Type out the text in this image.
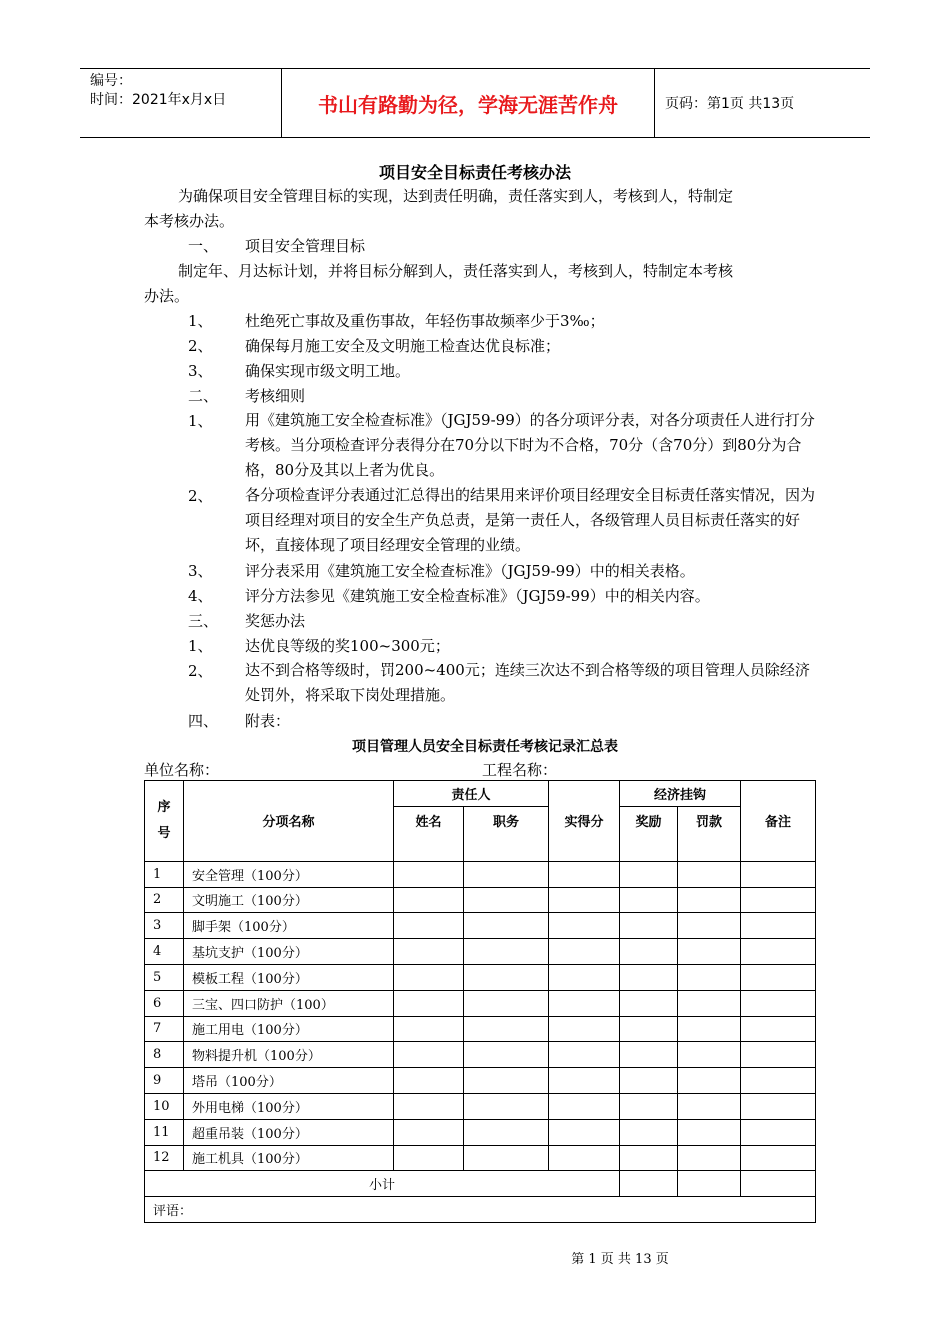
编号：
时间：2021年x月x日	书山有路勤为径，学海无涯苦作舟	页码：第1页 共13页
项目安全目标责任考核办法
为确保项目安全管理目标的实现，达到责任明确，责任落实到人，考核到人，特制定
本考核办法。
一、 项目安全管理目标
制定年、月达标计划，并将目标分解到人，责任落实到人，考核到人，特制定本考核
办法。
1、 杜绝死亡事故及重伤事故，年轻伤事故频率少于3‰；
2、 确保每月施工安全及文明施工检查达优良标准；
3、 确保实现市级文明工地。
二、 考核细则
1、 用《建筑施工安全检查标准》（JGJ59-99）的各分项评分表，对各分项责任人进行打分考核。当分项检查评分表得分在70分以下时为不合格，70分（含70分）到80分为合格，80分及其以上者为优良。
2、 各分项检查评分表通过汇总得出的结果用来评价项目经理安全目标责任落实情况，因为项目经理对项目的安全生产负总责，是第一责任人，各级管理人员目标责任落实的好坏，直接体现了项目经理安全管理的业绩。
3、 评分表采用《建筑施工安全检查标准》（JGJ59-99）中的相关表格。
4、 评分方法参见《建筑施工安全检查标准》（JGJ59-99）中的相关内容。
三、 奖惩办法
1、 达优良等级的奖100~300元；
2、 达不到合格等级时，罚200~400元；连续三次达不到合格等级的项目管理人员除经济处罚外，将采取下岗处理措施。
四、 附表：
项目管理人员安全目标责任考核记录汇总表
单位名称：	工程名称：
序号	分项名称	责任人		实得分	经济挂钩		备注
		姓名	职务		奖励	罚款	
1	安全管理（100分）						
2	文明施工（100分）						
3	脚手架（100分）						
4	基坑支护（100分）						
5	模板工程（100分）						
6	三宝、四口防护（100）						
7	施工用电（100分）						
8	物料提升机（100分）						
9	塔吊（100分）						
10	外用电梯（100分）						
11	超重吊装（100分）						
12	施工机具（100分）						
小计							
评语：							
第 1 页 共 13 页
